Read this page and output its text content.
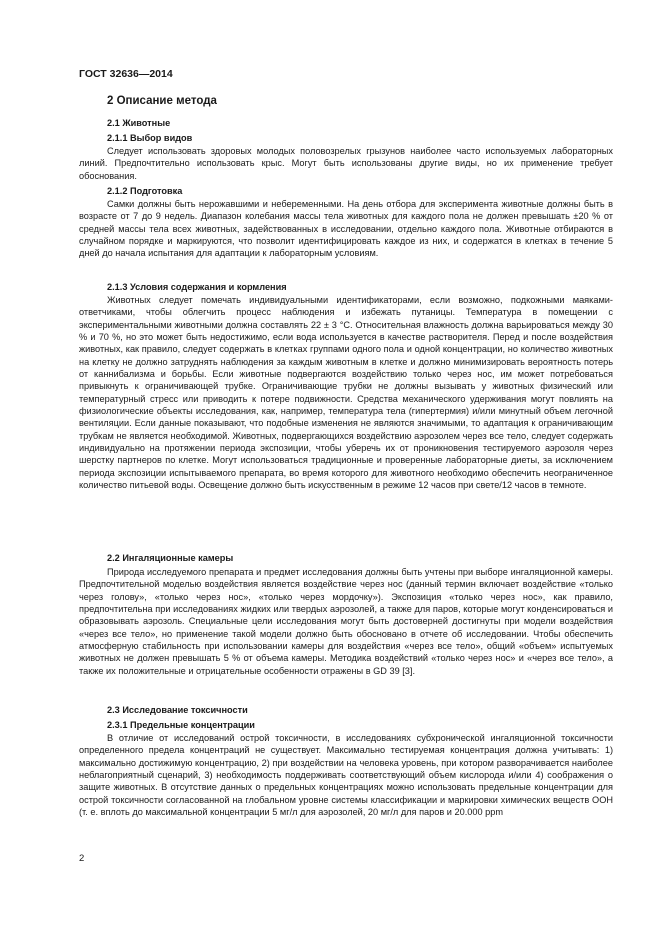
ГОСТ 32636—2014
2 Описание метода
2.1 Животные
2.1.1 Выбор видов

Следует использовать здоровых молодых половозрелых грызунов наиболее часто используемых лабораторных линий. Предпочтительно использовать крыс. Могут быть использованы другие виды, но их применение требует обоснования.

2.1.2 Подготовка

Самки должны быть нерожавшими и небеременными. На день отбора для эксперимента животные должны быть в возрасте от 7 до 9 недель. Диапазон колебания массы тела животных для каждого пола не должен превышать ±20 % от средней массы тела всех животных, задействованных в исследовании, отдельно каждого пола. Животные отбираются в случайном порядке и маркируются, что позволит идентифицировать каждое из них, и содержатся в клетках в течение 5 дней до начала испытания для адаптации к лабораторным условиям.

2.1.3 Условия содержания и кормления

Животных следует помечать индивидуальными идентификаторами, если возможно, подкожными маяками-ответчиками, чтобы облегчить процесс наблюдения и избежать путаницы. Температура в помещении с экспериментальными животными должна составлять 22 ± 3 °С. Относительная влажность должна варьироваться между 30 % и 70 %, но это может быть недостижимо, если вода используется в качестве растворителя. Перед и после воздействия животных, как правило, следует содержать в клетках группами одного пола и одной концентрации, но количество животных на клетку не должно затруднять наблюдения за каждым животным в клетке и должно минимизировать вероятность потерь от каннибализма и борьбы. Если животные подвергаются воздействию только через нос, им может потребоваться привыкнуть к ограничивающей трубке. Ограничивающие трубки не должны вызывать у животных физический или температурный стресс или приводить к потере подвижности. Средства механического удерживания могут повлиять на физиологические объекты исследования, как, например, температура тела (гипертермия) и/или минутный объем легочной вентиляции. Если данные показывают, что подобные изменения не являются значимыми, то адаптация к ограничивающим трубкам не является необходимой. Животных, подвергающихся воздействию аэрозолем через все тело, следует содержать индивидуально на протяжении периода экспозиции, чтобы уберечь их от проникновения тестируемого аэрозоля через шерстку партнеров по клетке. Могут использоваться традиционные и проверенные лабораторные диеты, за исключением периода экспозиции испытываемого препарата, во время которого для животного необходимо обеспечить неограниченное количество питьевой воды. Освещение должно быть искусственным в режиме 12 часов при свете/12 часов в темноте.

2.2 Ингаляционные камеры

Природа исследуемого препарата и предмет исследования должны быть учтены при выборе ингаляционной камеры. Предпочтительной моделью воздействия является воздействие через нос (данный термин включает воздействие «только через голову», «только через нос», «только через мордочку»). Экспозиция «только через нос», как правило, предпочтительна при исследованиях жидких или твердых аэрозолей, а также для паров, которые могут конденсироваться и образовывать аэрозоль. Специальные цели исследования могут быть достоверней достигнуты при модели воздействия «через все тело», но применение такой модели должно быть обосновано в отчете об исследовании. Чтобы обеспечить атмосферную стабильность при использовании камеры для воздействия «через все тело», общий «объем» испытуемых животных не должен превышать 5 % от объема камеры. Методика воздействий «только через нос» и «через все тело», а также их положительные и отрицательные особенности отражены в GD 39 [3].

2.3 Исследование токсичности
2.3.1 Предельные концентрации

В отличие от исследований острой токсичности, в исследованиях субхронической ингаляционной токсичности определенного предела концентраций не существует. Максимально тестируемая концентрация должна учитывать: 1) максимально достижимую концентрацию, 2) при воздействии на человека уровень, при котором разворачивается наиболее неблагоприятный сценарий, 3) необходимость поддерживать соответствующий объем кислорода и/или 4) соображения о защите животных. В отсутствие данных о предельных концентрациях можно использовать предельные концентрации для острой токсичности согласованной на глобальном уровне системы классификации и маркировки химических веществ ООН (т. е. вплоть до максимальной концентрации 5 мг/л для аэрозолей, 20 мг/л для паров и 20.000 ppm

2
